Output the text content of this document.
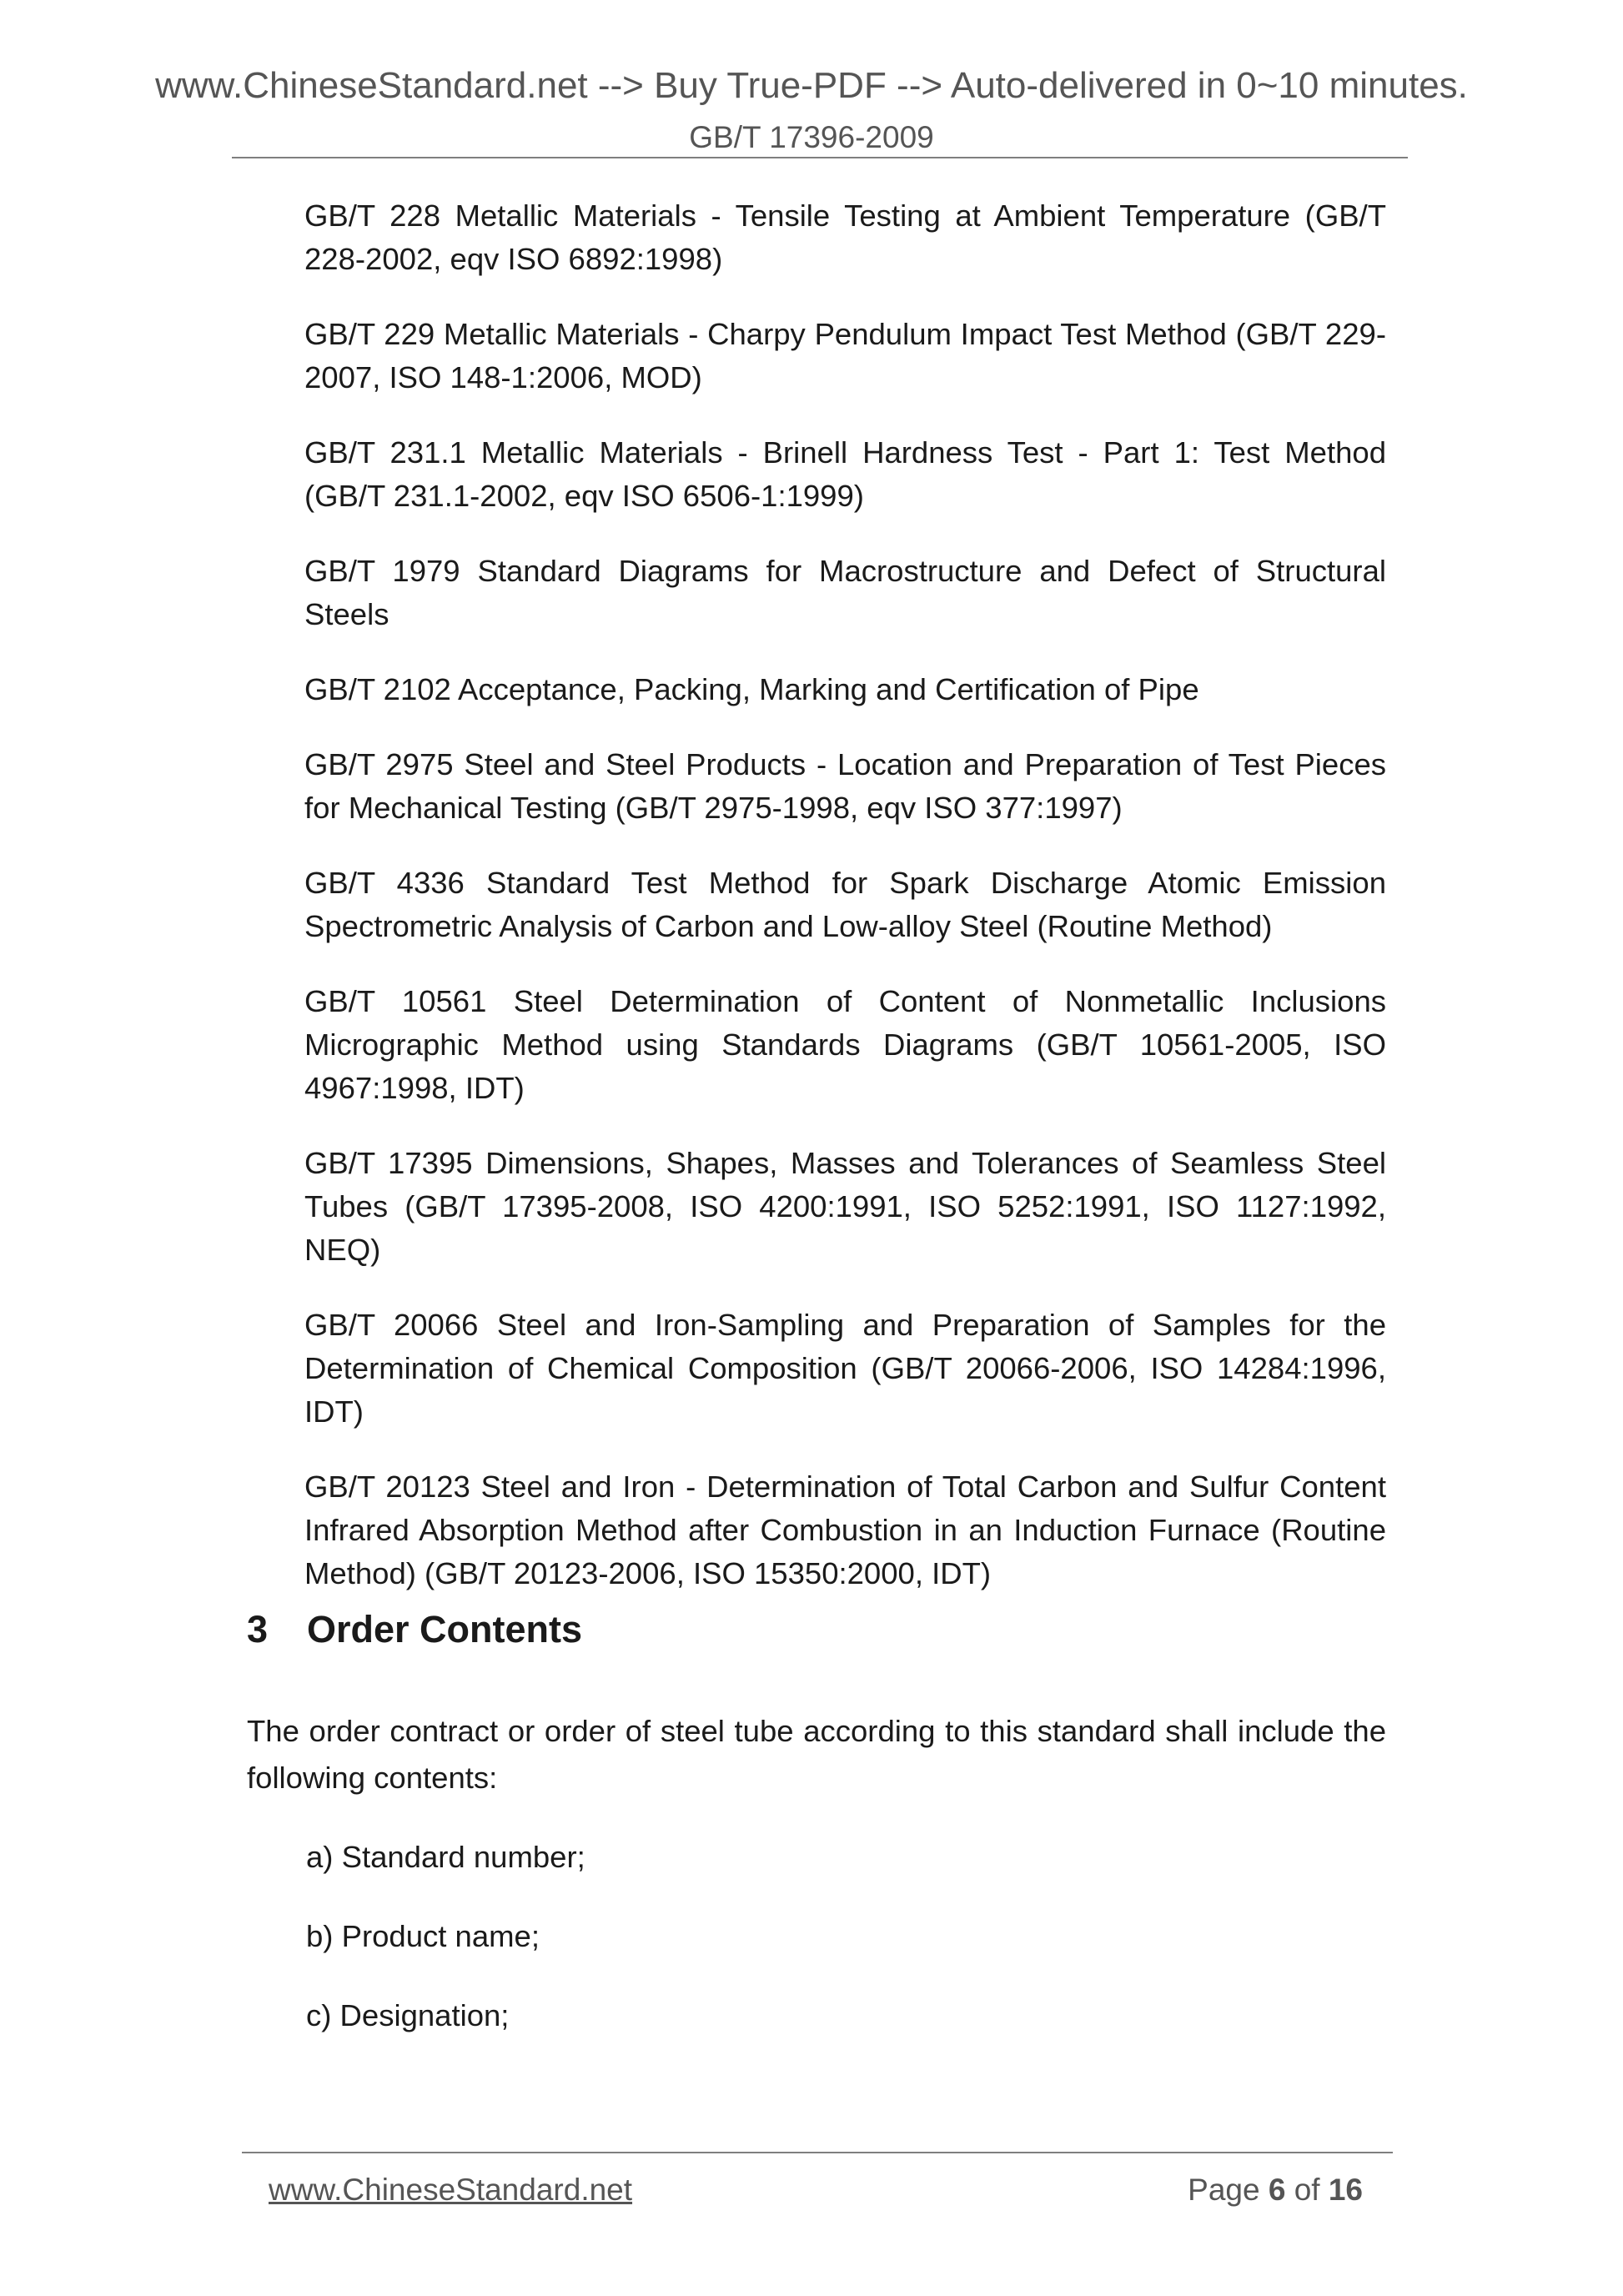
www.ChineseStandard.net --> Buy True-PDF --> Auto-delivered in 0~10 minutes.
GB/T 17396-2009

GB/T 228 Metallic Materials - Tensile Testing at Ambient Temperature (GB/T 228-2002, eqv ISO 6892:1998)

GB/T 229 Metallic Materials - Charpy Pendulum Impact Test Method (GB/T 229-2007, ISO 148-1:2006, MOD)

GB/T 231.1 Metallic Materials - Brinell Hardness Test - Part 1: Test Method (GB/T 231.1-2002, eqv ISO 6506-1:1999)

GB/T 1979 Standard Diagrams for Macrostructure and Defect of Structural Steels

GB/T 2102 Acceptance, Packing, Marking and Certification of Pipe

GB/T 2975 Steel and Steel Products - Location and Preparation of Test Pieces for Mechanical Testing (GB/T 2975-1998, eqv ISO 377:1997)

GB/T 4336 Standard Test Method for Spark Discharge Atomic Emission Spectrometric Analysis of Carbon and Low-alloy Steel (Routine Method)

GB/T 10561 Steel Determination of Content of Nonmetallic Inclusions Micrographic Method using Standards Diagrams (GB/T 10561-2005, ISO 4967:1998, IDT)

GB/T 17395 Dimensions, Shapes, Masses and Tolerances of Seamless Steel Tubes (GB/T 17395-2008, ISO 4200:1991, ISO 5252:1991, ISO 1127:1992, NEQ)

GB/T 20066 Steel and Iron-Sampling and Preparation of Samples for the Determination of Chemical Composition (GB/T 20066-2006, ISO 14284:1996, IDT)

GB/T 20123 Steel and Iron - Determination of Total Carbon and Sulfur Content Infrared Absorption Method after Combustion in an Induction Furnace (Routine Method) (GB/T 20123-2006, ISO 15350:2000, IDT)

3 Order Contents
The order contract or order of steel tube according to this standard shall include the following contents:
a) Standard number;
b) Product name;
c) Designation;
www.ChineseStandard.net	Page 6 of 16
